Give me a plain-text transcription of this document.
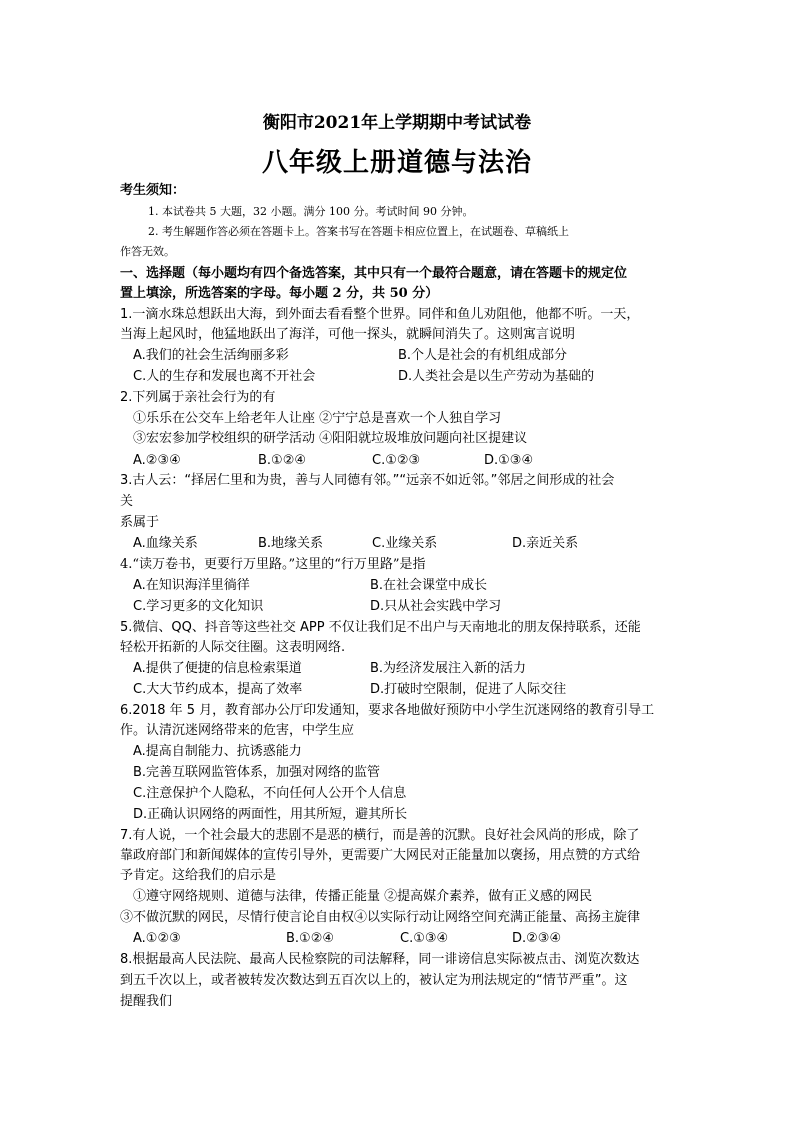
衡阳市2021年上学期期中考试试卷
八年级上册道德与法治
考生须知：
1. 本试卷共 5 大题，32 小题。满分 100 分。考试时间 90 分钟。
2. 考生解题作答必须在答题卡上。答案书写在答题卡相应位置上，在试题卷、草稿纸上
作答无效。
一、选择题（每小题均有四个备选答案，其中只有一个最符合题意，请在答题卡的规定位
置上填涂，所选答案的字母。每小题 2 分，共 50 分）
1.一滴水珠总想跃出大海，到外面去看看整个世界。同伴和鱼儿劝阻他，他都不听。一天，
当海上起风时，他猛地跃出了海洋，可他一探头，就瞬间消失了。这则寓言说明
A.我们的社会生活绚丽多彩	B.个人是社会的有机组成部分
C.人的生存和发展也离不开社会	D.人类社会是以生产劳动为基础的
2.下列属于亲社会行为的有
①乐乐在公交车上给老年人让座 ②宁宁总是喜欢一个人独自学习
③宏宏参加学校组织的研学活动 ④阳阳就垃圾堆放问题向社区提建议
A.②③④	B.①②④	C.①②③	D.①③④
3.古人云：“择居仁里和为贵，善与人同德有邻。”“远亲不如近邻。”邻居之间形成的社会
关
系属于
A.血缘关系	B.地缘关系	C.业缘关系	D.亲近关系
4.“读万卷书，更要行万里路。”这里的“行万里路”是指
A.在知识海洋里徜徉	B.在社会课堂中成长
C.学习更多的文化知识	D.只从社会实践中学习
5.微信、QQ、抖音等这些社交 APP 不仅让我们足不出户与天南地北的朋友保持联系，还能
轻松开拓新的人际交往圈。这表明网络.
A.提供了便捷的信息检索渠道	B.为经济发展注入新的活力
C.大大节约成本，提高了效率	D.打破时空限制，促进了人际交往
6.2018 年 5 月，教育部办公厅印发通知，要求各地做好预防中小学生沉迷网络的教育引导工
作。认清沉迷网络带来的危害，中学生应
A.提高自制能力、抗诱惑能力
B.完善互联网监管体系，加强对网络的监管
C.注意保护个人隐私，不向任何人公开个人信息
D.正确认识网络的两面性，用其所短，避其所长
7.有人说，一个社会最大的悲剧不是恶的横行，而是善的沉默。良好社会风尚的形成，除了
靠政府部门和新闻媒体的宣传引导外，更需要广大网民对正能量加以褒扬，用点赞的方式给
予肯定。这给我们的启示是
①遵守网络规则、道德与法律，传播正能量 ②提高媒介素养，做有正义感的网民
③不做沉默的网民，尽情行使言论自由权④以实际行动让网络空间充满正能量、高扬主旋律
A.①②③	B.①②④	C.①③④	D.②③④
8.根据最高人民法院、最高人民检察院的司法解释，同一诽谤信息实际被点击、浏览次数达
到五千次以上，或者被转发次数达到五百次以上的，被认定为刑法规定的“情节严重”。这
提醒我们
